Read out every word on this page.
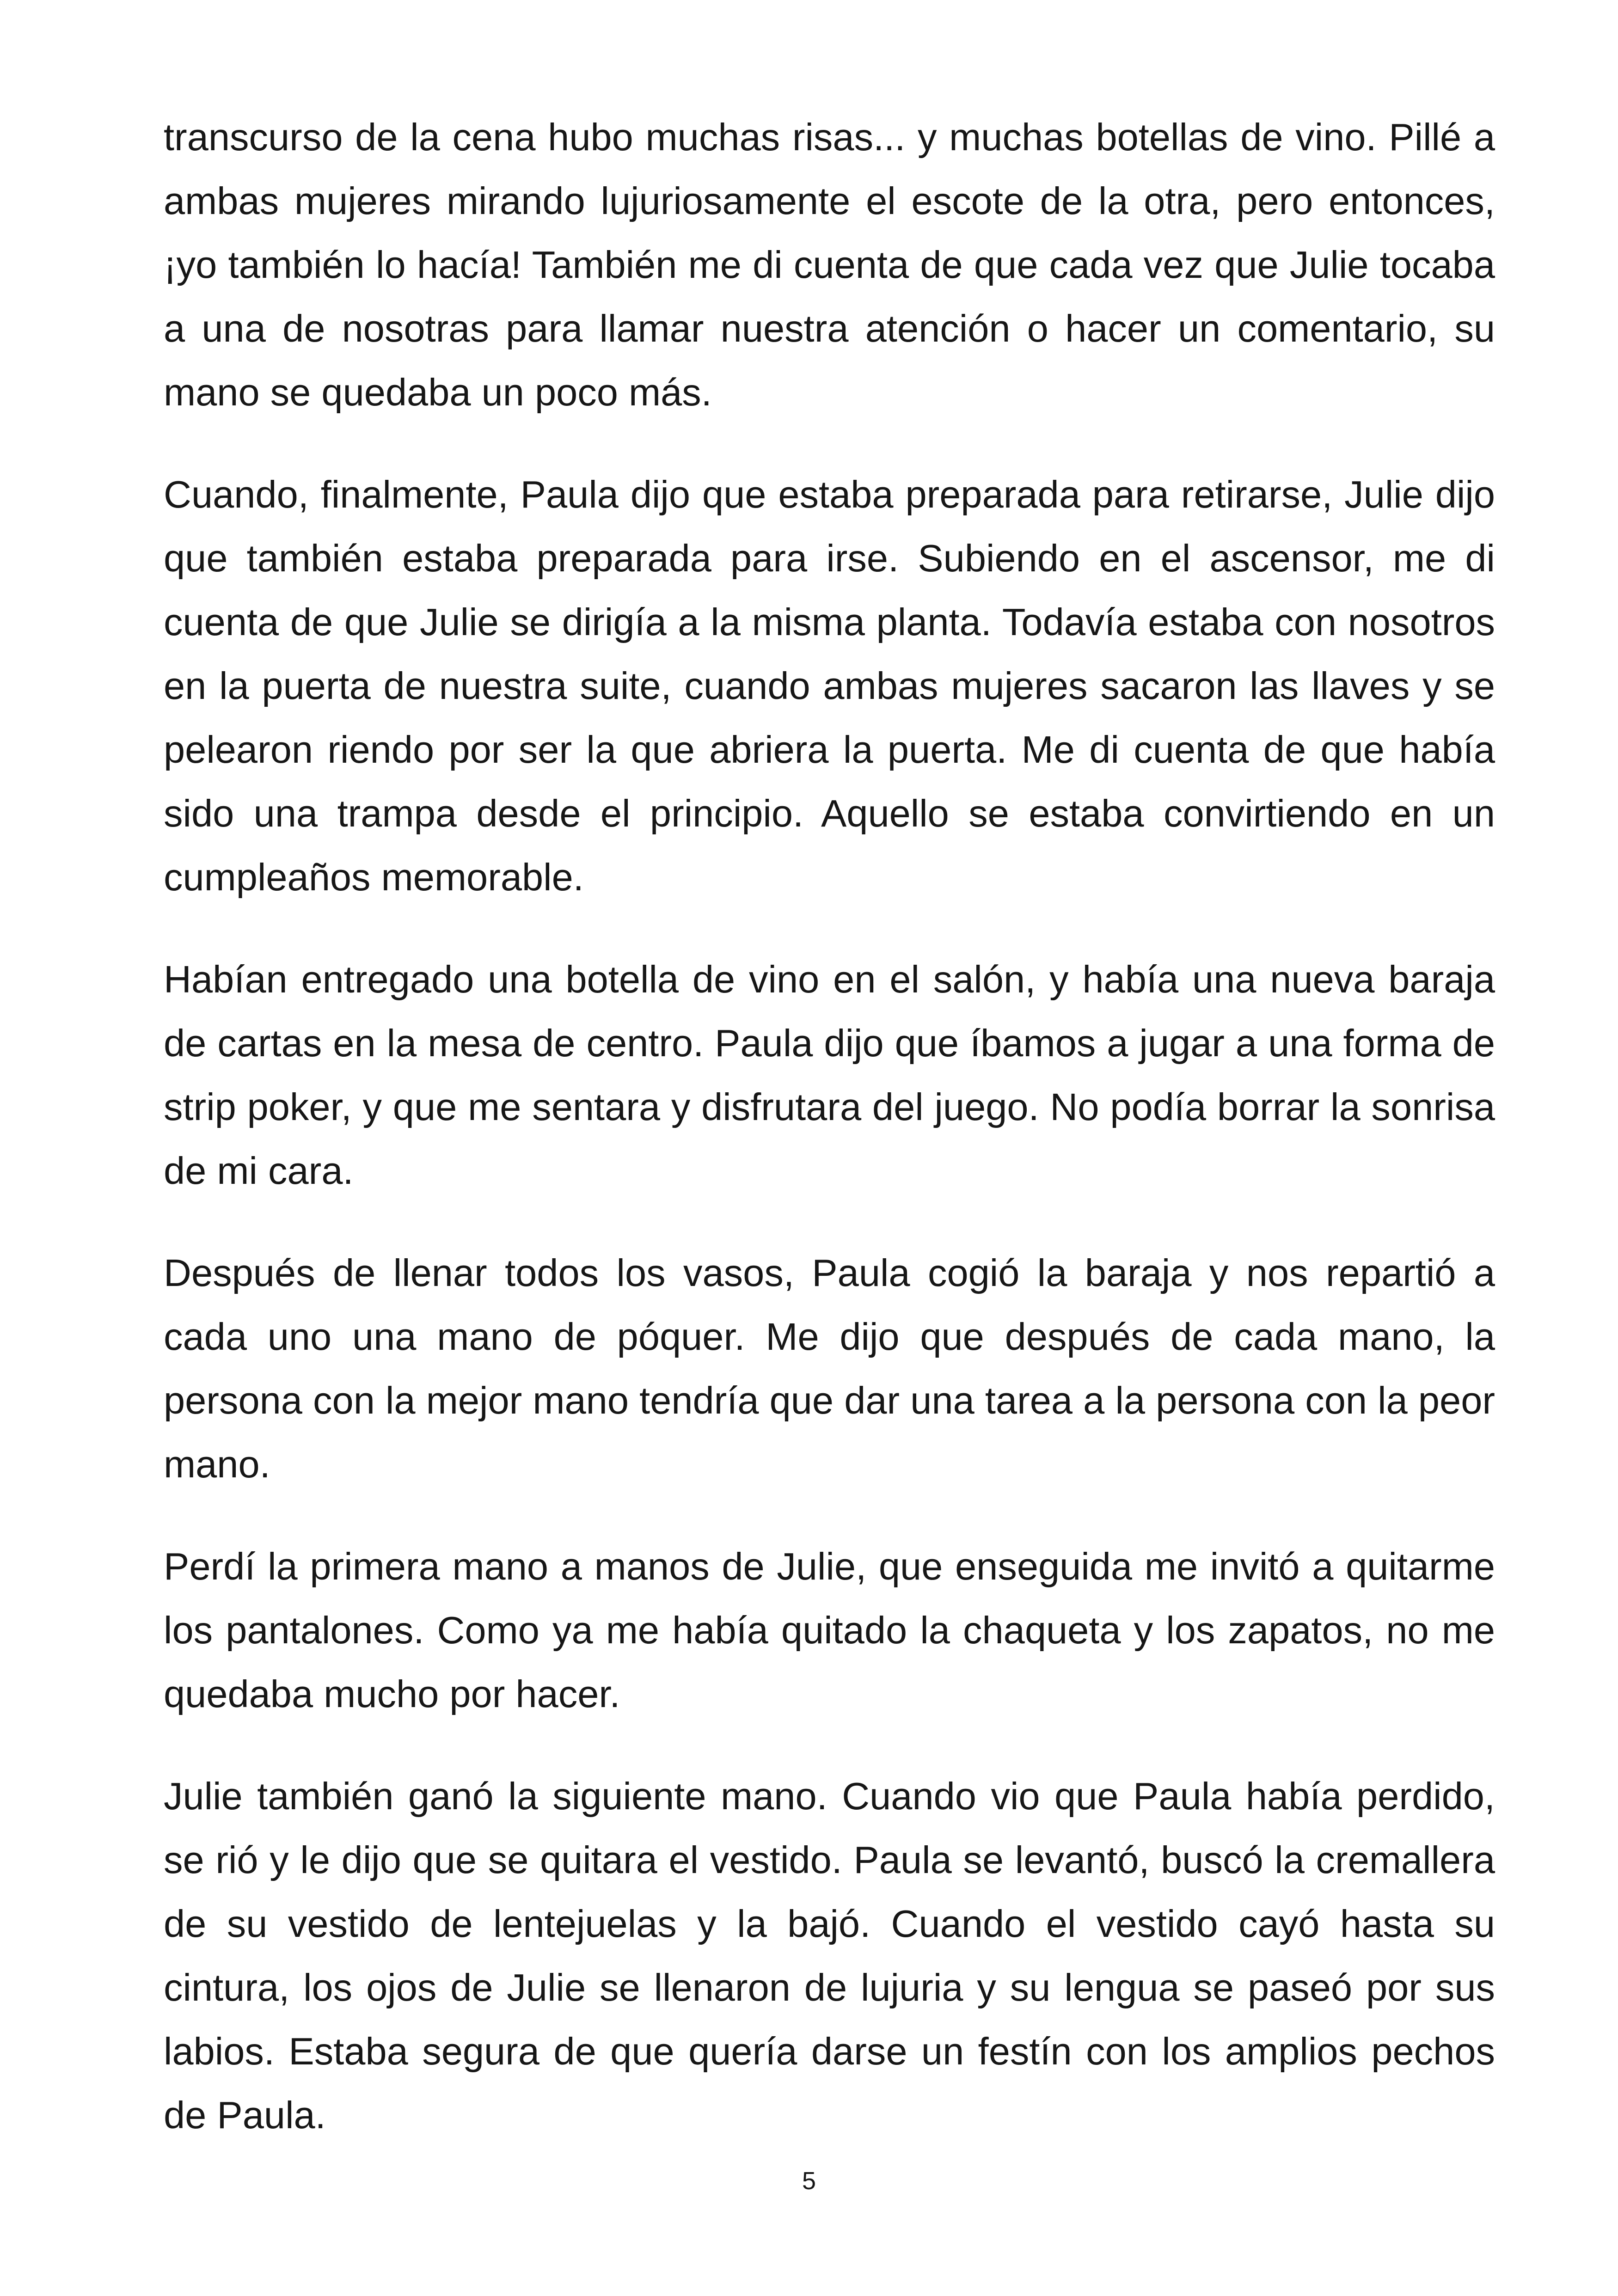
transcurso de la cena hubo muchas risas... y muchas botellas de vino. Pillé a ambas mujeres mirando lujuriosamente el escote de la otra, pero entonces, ¡yo también lo hacía! También me di cuenta de que cada vez que Julie tocaba a una de nosotras para llamar nuestra atención o hacer un comentario, su mano se quedaba un poco más.

Cuando, finalmente, Paula dijo que estaba preparada para retirarse, Julie dijo que también estaba preparada para irse. Subiendo en el ascensor, me di cuenta de que Julie se dirigía a la misma planta. Todavía estaba con nosotros en la puerta de nuestra suite, cuando ambas mujeres sacaron las llaves y se pelearon riendo por ser la que abriera la puerta. Me di cuenta de que había sido una trampa desde el principio. Aquello se estaba convirtiendo en un cumpleaños memorable.

Habían entregado una botella de vino en el salón, y había una nueva baraja de cartas en la mesa de centro. Paula dijo que íbamos a jugar a una forma de strip poker, y que me sentara y disfrutara del juego. No podía borrar la sonrisa de mi cara.

Después de llenar todos los vasos, Paula cogió la baraja y nos repartió a cada uno una mano de póquer. Me dijo que después de cada mano, la persona con la mejor mano tendría que dar una tarea a la persona con la peor mano.

Perdí la primera mano a manos de Julie, que enseguida me invitó a quitarme los pantalones. Como ya me había quitado la chaqueta y los zapatos, no me quedaba mucho por hacer.

Julie también ganó la siguiente mano. Cuando vio que Paula había perdido, se rió y le dijo que se quitara el vestido. Paula se levantó, buscó la cremallera de su vestido de lentejuelas y la bajó. Cuando el vestido cayó hasta su cintura, los ojos de Julie se llenaron de lujuria y su lengua se paseó por sus labios. Estaba segura de que quería darse un festín con los amplios pechos de Paula.

5
